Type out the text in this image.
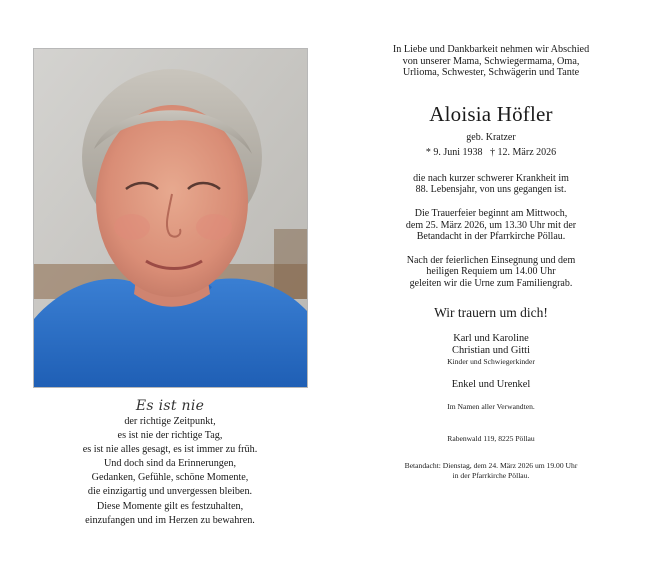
Es ist nie
der richtige Zeitpunkt,
es ist nie der richtige Tag,
es ist nie alles gesagt, es ist immer zu früh.
Und doch sind da Erinnerungen,
Gedanken, Gefühle, schöne Momente,
die einzigartig und unvergessen bleiben.
Diese Momente gilt es festzuhalten,
einzufangen und im Herzen zu bewahren.
In Liebe und Dankbarkeit nehmen wir Abschied
von unserer Mama, Schwiegermama, Oma,
Urlioma, Schwester, Schwägerin und Tante
Aloisia Höfler
geb. Kratzer
* 9. Juni 1938   † 12. März 2026
die nach kurzer schwerer Krankheit im
88. Lebensjahr, von uns gegangen ist.
Die Trauerfeier beginnt am Mittwoch,
dem 25. März 2026, um 13.30 Uhr mit der
Betandacht in der Pfarrkirche Pöllau.
Nach der feierlichen Einsegnung und dem
heiligen Requiem um 14.00 Uhr
geleiten wir die Urne zum Familiengrab.
Wir trauern um dich!
Karl und Karoline
Christian und Gitti
Kinder und Schwiegerkinder
Enkel und Urenkel
Im Namen aller Verwandten.
Rabenwald 119, 8225 Pöllau
Betandacht: Dienstag, dem 24. März 2026 um 19.00 Uhr
in der Pfarrkirche Pöllau.
